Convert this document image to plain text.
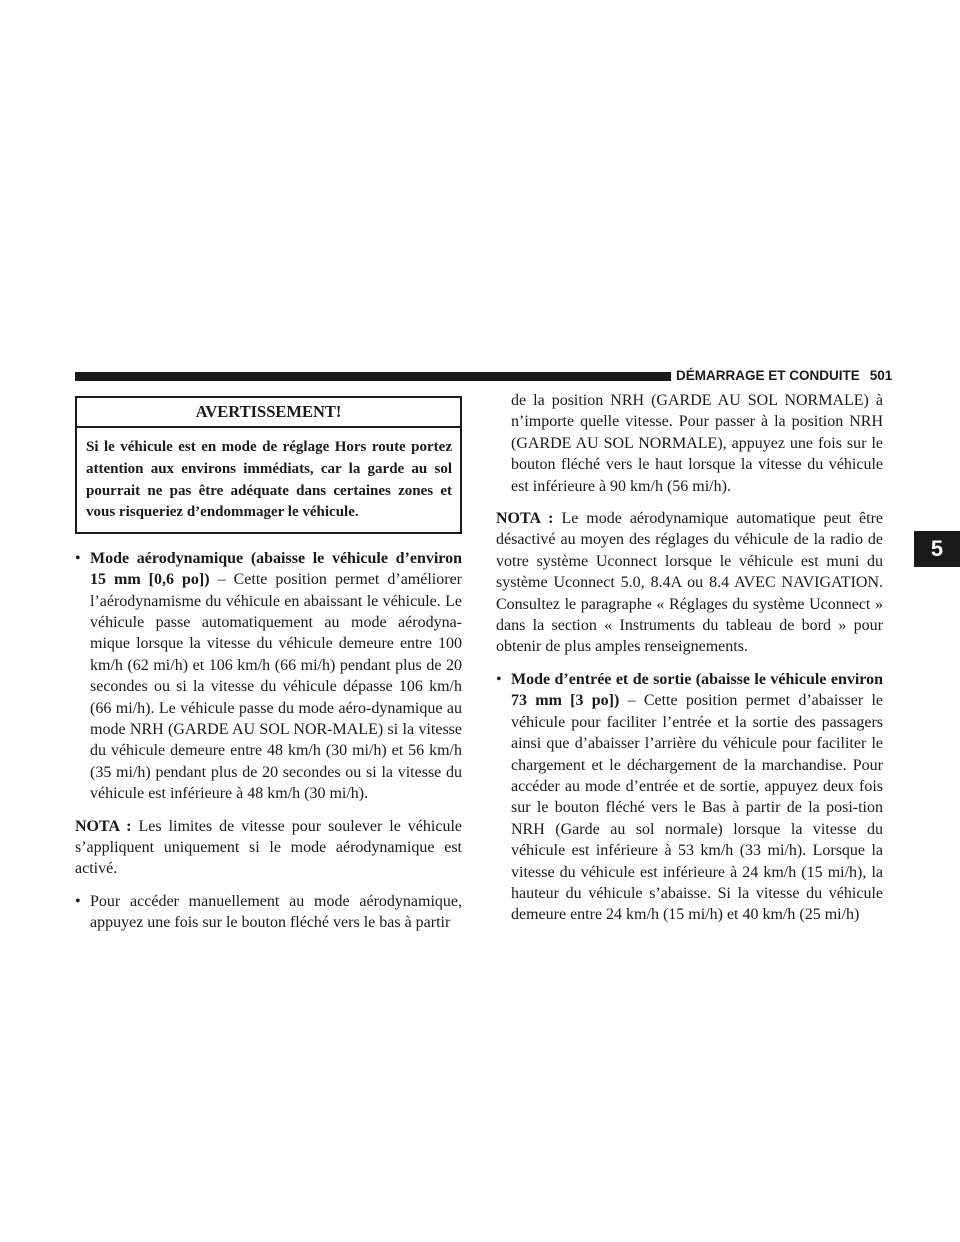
DÉMARRAGE ET CONDUITE 501
5
AVERTISSEMENT!
Si le véhicule est en mode de réglage Hors route portez attention aux environs immédiats, car la garde au sol pourrait ne pas être adéquate dans certaines zones et vous risqueriez d’endommager le véhicule.
• Mode aérodynamique (abaisse le véhicule d’environ 15 mm [0,6 po]) – Cette position permet d’améliorer l’aérodynamisme du véhicule en abaissant le véhicule. Le véhicule passe automatiquement au mode aérodyna-mique lorsque la vitesse du véhicule demeure entre 100 km/h (62 mi/h) et 106 km/h (66 mi/h) pendant plus de 20 secondes ou si la vitesse du véhicule dépasse 106 km/h (66 mi/h). Le véhicule passe du mode aéro-dynamique au mode NRH (GARDE AU SOL NOR-MALE) si la vitesse du véhicule demeure entre 48 km/h (30 mi/h) et 56 km/h (35 mi/h) pendant plus de 20 secondes ou si la vitesse du véhicule est inférieure à 48 km/h (30 mi/h).

NOTA : Les limites de vitesse pour soulever le véhicule s’appliquent uniquement si le mode aérodynamique est activé.

• Pour accéder manuellement au mode aérodynamique, appuyez une fois sur le bouton fléché vers le bas à partir
de la position NRH (GARDE AU SOL NORMALE) à n’importe quelle vitesse. Pour passer à la position NRH (GARDE AU SOL NORMALE), appuyez une fois sur le bouton fléché vers le haut lorsque la vitesse du véhicule est inférieure à 90 km/h (56 mi/h).

NOTA : Le mode aérodynamique automatique peut être désactivé au moyen des réglages du véhicule de la radio de votre système Uconnect lorsque le véhicule est muni du système Uconnect 5.0, 8.4A ou 8.4 AVEC NAVIGATION. Consultez le paragraphe « Réglages du système Uconnect » dans la section « Instruments du tableau de bord » pour obtenir de plus amples renseignements.

• Mode d’entrée et de sortie (abaisse le véhicule environ 73 mm [3 po]) – Cette position permet d’abaisser le véhicule pour faciliter l’entrée et la sortie des passagers ainsi que d’abaisser l’arrière du véhicule pour faciliter le chargement et le déchargement de la marchandise. Pour accéder au mode d’entrée et de sortie, appuyez deux fois sur le bouton fléché vers le Bas à partir de la posi-tion NRH (Garde au sol normale) lorsque la vitesse du véhicule est inférieure à 53 km/h (33 mi/h). Lorsque la vitesse du véhicule est inférieure à 24 km/h (15 mi/h), la hauteur du véhicule s’abaisse. Si la vitesse du véhicule demeure entre 24 km/h (15 mi/h) et 40 km/h (25 mi/h)
